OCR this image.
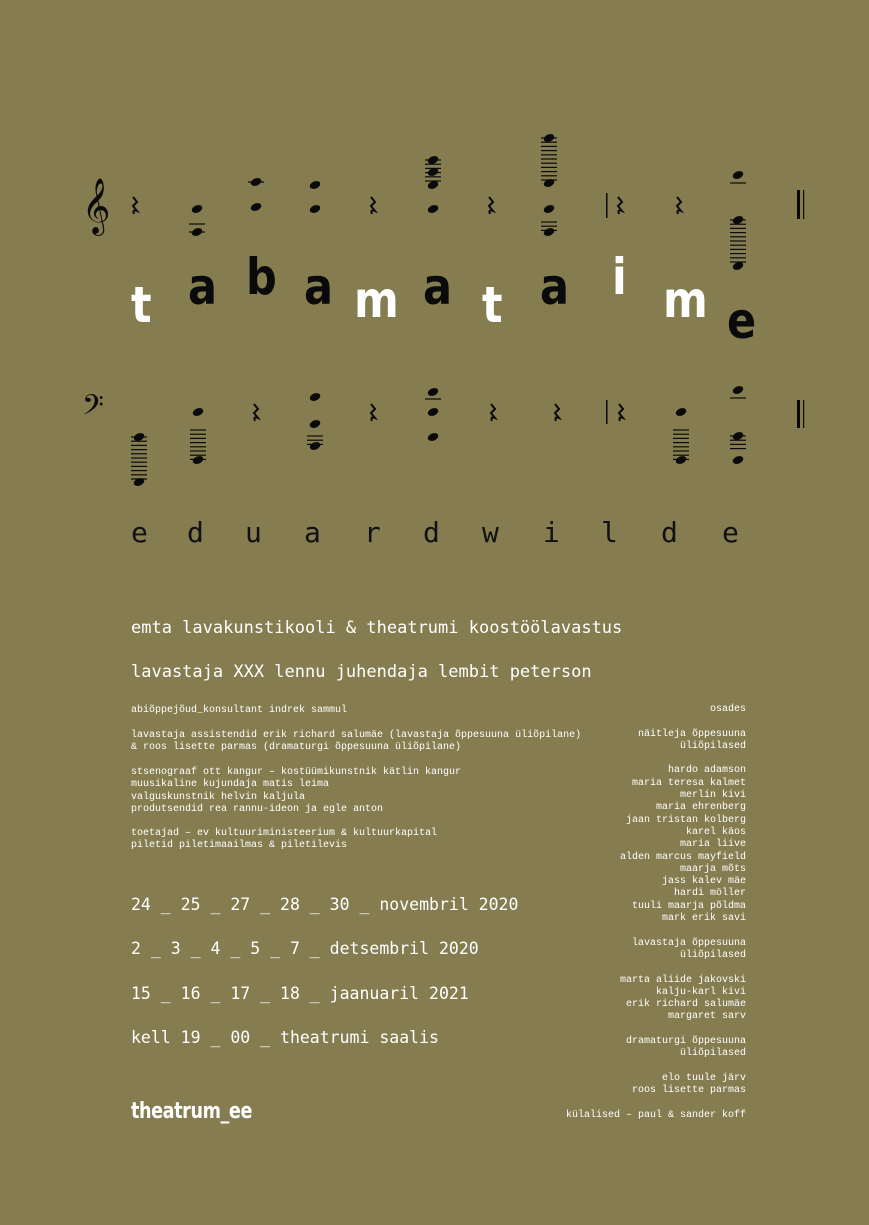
𝄞
𝄢
t a b a m a t a i m e
e d u a r d w i l d e
emta lavakunstikooli & theatrumi koostöölavastus
lavastaja XXX lennu juhendaja lembit peterson
abiõppejõud_konsultant indrek sammul
lavastaja assistendid erik richard salumäe (lavastaja õppesuuna üliõpilane)
& roos lisette parmas (dramaturgi õppesuuna üliõpilane)
stsenograaf ott kangur – kostüümikunstnik kätlin kangur
muusikaline kujundaja matis leima
valguskunstnik helvin kaljula
produtsendid rea rannu-ideon ja egle anton
toetajad – ev kultuuriministeerium & kultuurkapital
piletid piletimaailmas & piletilevis
24 _ 25 _ 27 _ 28 _ 30 _ novembril 2020
2 _ 3 _ 4 _ 5 _ 7 _ detsembril 2020
15 _ 16 _ 17 _ 18 _ jaanuaril 2021
kell 19 _ 00 _ theatrumi saalis
osades
näitleja õppesuuna
üliõpilased
hardo adamson
maria teresa kalmet
merlin kivi
maria ehrenberg
jaan tristan kolberg
karel käos
maria liive
alden marcus mayfield
maarja mõts
jass kalev mäe
hardi möller
tuuli maarja põldma
mark erik savi
lavastaja õppesuuna
üliõpilased
marta aliide jakovski
kalju-karl kivi
erik richard salumäe
margaret sarv
dramaturgi õppesuuna
üliõpilased
elo tuule järv
roos lisette parmas
külalised – paul & sander koff
theatrum_ee
